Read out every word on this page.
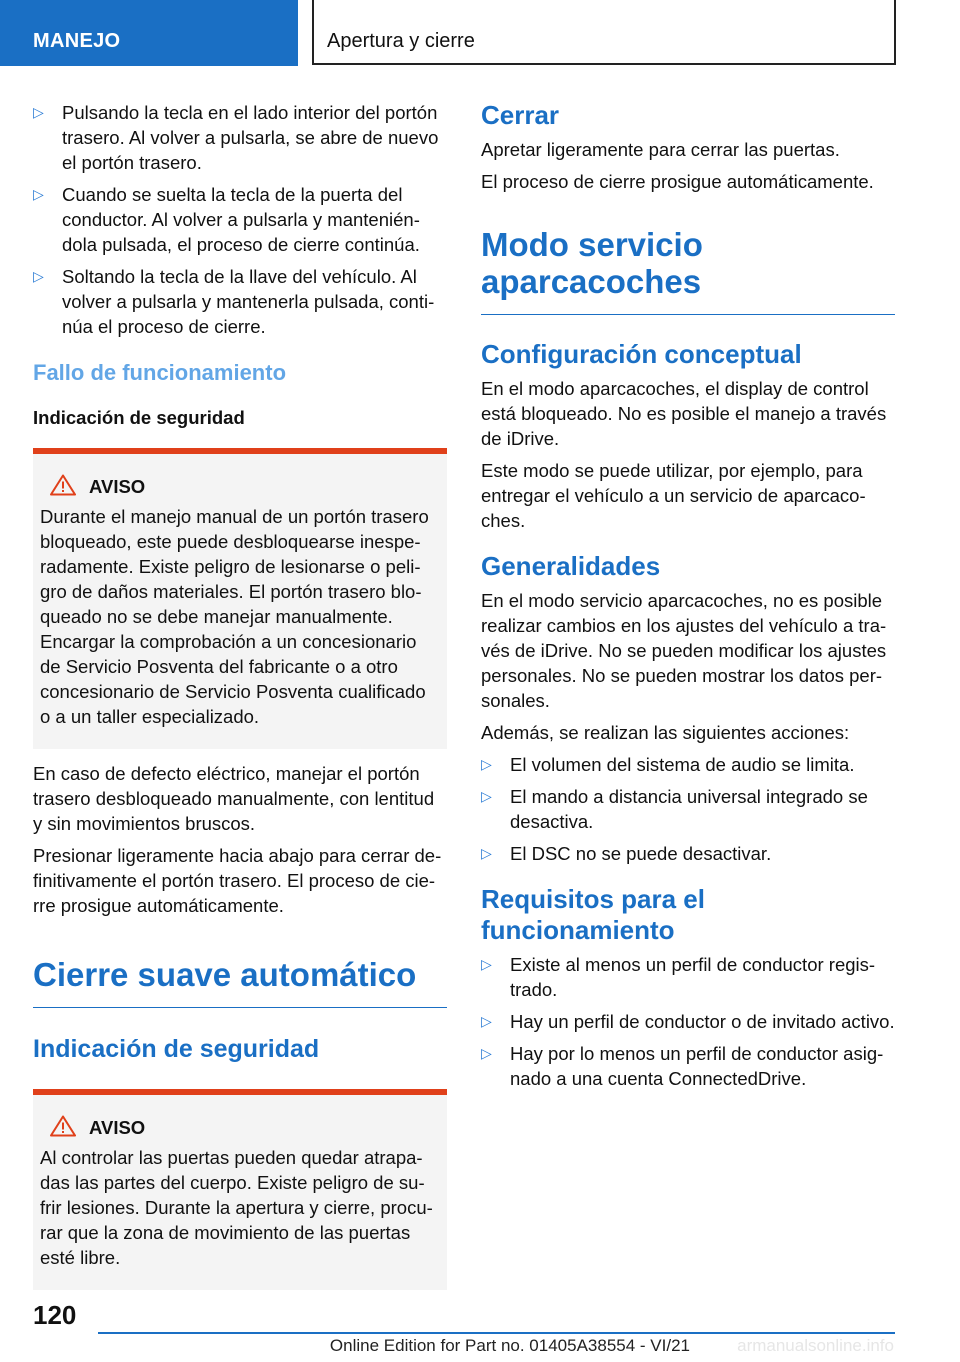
MANEJO	Apertura y cierre
▷ Pulsando la tecla en el lado interior del portón trasero. Al volver a pulsarla, se abre de nuevo el portón trasero.
▷ Cuando se suelta la tecla de la puerta del conductor. Al volver a pulsarla y manteniéndola pulsada, el proceso de cierre continúa.
▷ Soltando la tecla de la llave del vehículo. Al volver a pulsarla y mantenerla pulsada, continúa el proceso de cierre.
Fallo de funcionamiento
Indicación de seguridad
AVISO
Durante el manejo manual de un portón trasero bloqueado, este puede desbloquearse inesperadamente. Existe peligro de lesionarse o peligro de daños materiales. El portón trasero bloqueado no se debe manejar manualmente. Encargar la comprobación a un concesionario de Servicio Posventa del fabricante o a otro concesionario de Servicio Posventa cualificado o a un taller especializado.

En caso de defecto eléctrico, manejar el portón trasero desbloqueado manualmente, con lentitud y sin movimientos bruscos.

Presionar ligeramente hacia abajo para cerrar definitivamente el portón trasero. El proceso de cierre prosigue automáticamente.

Cierre suave automático
Indicación de seguridad
AVISO
Al controlar las puertas pueden quedar atrapadas las partes del cuerpo. Existe peligro de sufrir lesiones. Durante la apertura y cierre, procurar que la zona de movimiento de las puertas esté libre.
Cerrar

Apretar ligeramente para cerrar las puertas.

El proceso de cierre prosigue automáticamente.

Modo servicio aparcacoches
Configuración conceptual

En el modo aparcacoches, el display de control está bloqueado. No es posible el manejo a través de iDrive.

Este modo se puede utilizar, por ejemplo, para entregar el vehículo a un servicio de aparcacoches.

Generalidades

En el modo servicio aparcacoches, no es posible realizar cambios en los ajustes del vehículo a través de iDrive. No se pueden modificar los ajustes personales. No se pueden mostrar los datos personales.

Además, se realizan las siguientes acciones:

▷ El volumen del sistema de audio se limita.
▷ El mando a distancia universal integrado se desactiva.
▷ El DSC no se puede desactivar.
Requisitos para el funcionamiento
▷ Existe al menos un perfil de conductor registrado.
▷ Hay un perfil de conductor o de invitado activo.
▷ Hay por lo menos un perfil de conductor asignado a una cuenta ConnectedDrive.
120
Online Edition for Part no. 01405A38554 - VI/21	armanualsonline.info
